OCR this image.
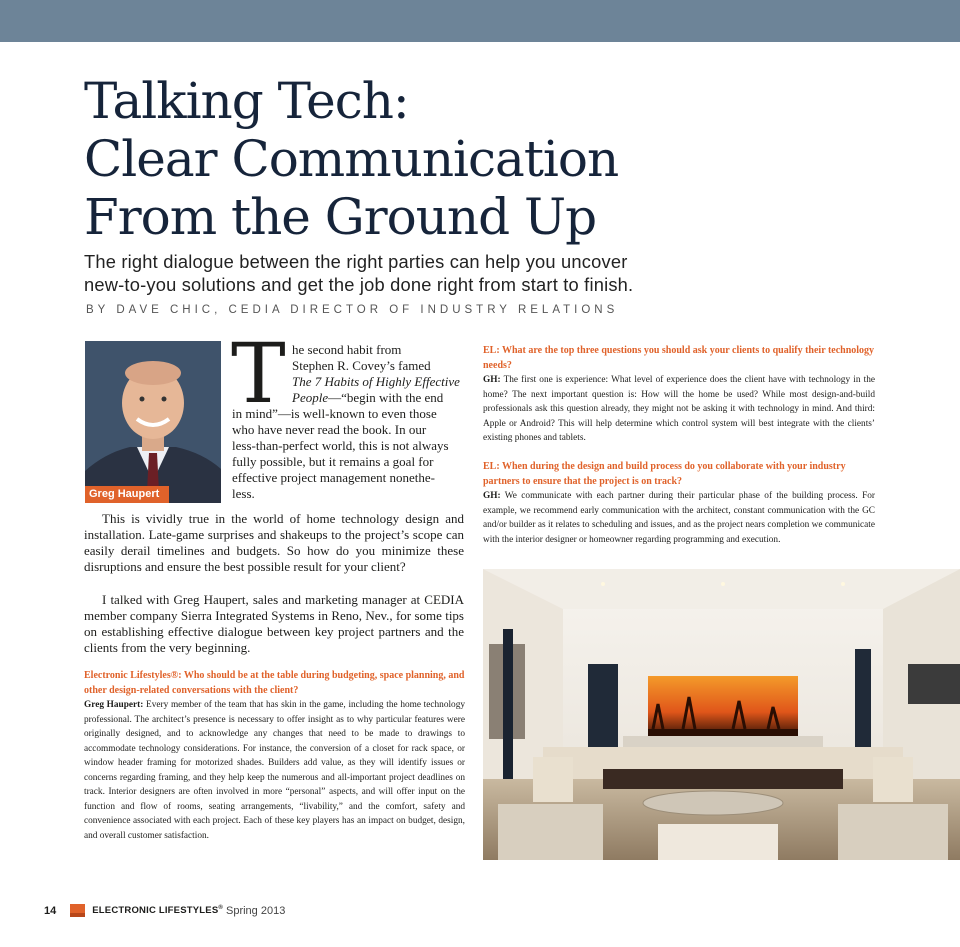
Talking Tech:
Clear Communication
From the Ground Up
The right dialogue between the right parties can help you uncover
new-to-you solutions and get the job done right from start to finish.

BY DAVE CHIC, CEDIA DIRECTOR OF INDUSTRY RELATIONS

Greg Haupert
T he second habit from

Stephen R. Covey’s famed

The 7 Habits of Highly Effective

People—“begin with the end

in mind”—is well-known to even those

who have never read the book. In our

less-than-perfect world, this is not always

fully possible, but it remains a goal for

effective project management nonethe-

less.

This is vividly true in the world of home technology design and installation. Late-game surprises and shakeups to the project’s scope can easily derail timelines and budgets. So how do you minimize these disruptions and ensure the best possible result for your client?

I talked with Greg Haupert, sales and marketing manager at CEDIA member company Sierra Integrated Systems in Reno, Nev., for some tips on establishing effective dialogue between key project partners and the clients from the very beginning.

Electronic Lifestyles®: Who should be at the table during budgeting, space planning, and other design-related conversations with the client?

Greg Haupert: Every member of the team that has skin in the game, including the home technology professional. The architect’s presence is necessary to offer insight as to why particular features were originally designed, and to acknowledge any changes that need to be made to drawings to accommodate technology considerations. For instance, the conversion of a closet for rack space, or window header framing for motorized shades. Builders add value, as they will identify issues or concerns regarding framing, and they help keep the numerous and all-important project deadlines on track. Interior designers are often involved in more “personal” aspects, and will offer input on the function and flow of rooms, seating arrangements, “livability,” and the comfort, safety and convenience associated with each project. Each of these key players has an impact on budget, design, and overall customer satisfaction.

EL: What are the top three questions you should ask your clients to qualify their technology needs?

GH: The first one is experience: What level of experience does the client have with technology in the home? The next important question is: How will the home be used? While most design-and-build professionals ask this question already, they might not be asking it with technology in mind. And third: Apple or Android? This will help determine which control system will best integrate with the clients’ existing phones and tablets.

EL: When during the design and build process do you collaborate with your industry partners to ensure that the project is on track?

GH: We communicate with each partner during their particular phase of the building process. For example, we recommend early communication with the architect, constant communication with the GC and/or builder as it relates to scheduling and issues, and as the project nears completion we communicate with the interior designer or homeowner regarding programming and execution.

14	ELECTRONIC LIFESTYLES® Spring 2013
